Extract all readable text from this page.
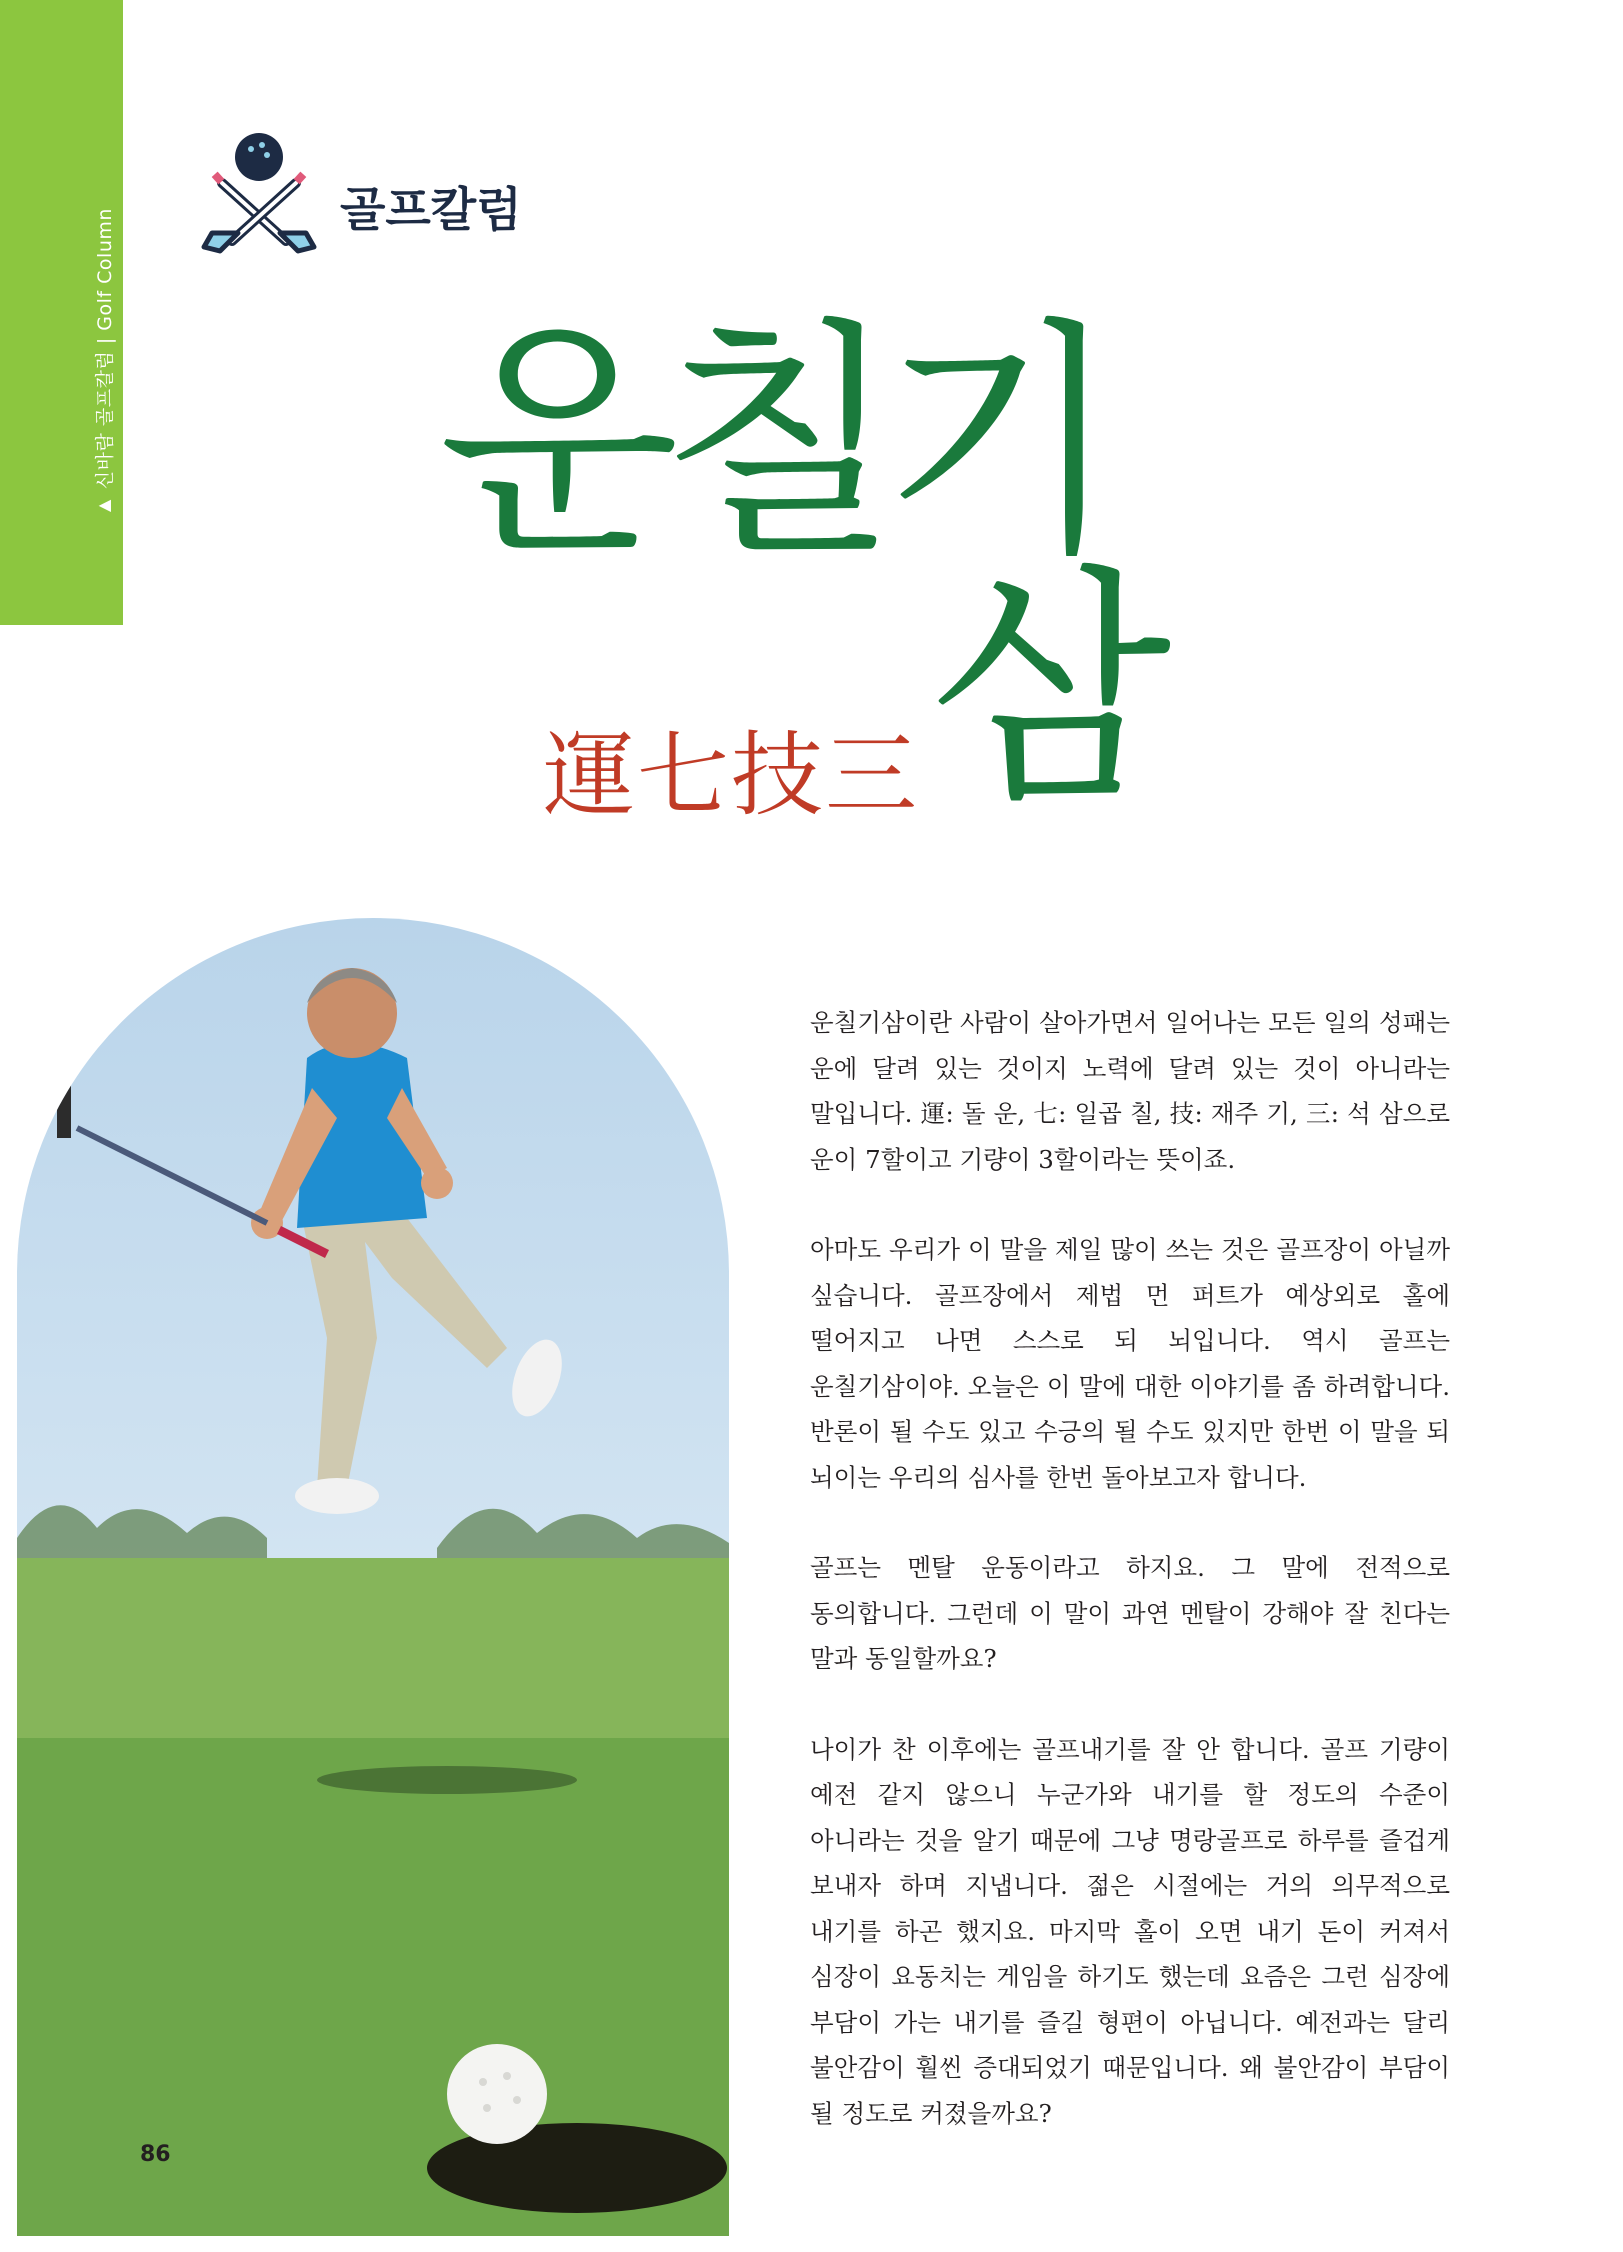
▲
신바람 골프칼럼 | Golf Column	골프칼럼
운칠기
삼
運七技三

운칠기삼이란 사람이 살아가면서 일어나는 모든 일의 성패는 운에 달려 있는 것이지 노력에 달려 있는 것이 아니라는 말입니다. 運: 돌 운, 七: 일곱 칠, 技: 재주 기, 三: 석 삼으로 운이 7할이고 기량이 3할이라는 뜻이죠.

아마도 우리가 이 말을 제일 많이 쓰는 것은 골프장이 아닐까 싶습니다. 골프장에서 제법 먼 퍼트가 예상외로 홀에 떨어지고 나면 스스로 되 뇌입니다. 역시 골프는 운칠기삼이야. 오늘은 이 말에 대한 이야기를 좀 하려합니다. 반론이 될 수도 있고 수긍의 될 수도 있지만 한번 이 말을 되 뇌이는 우리의 심사를 한번 돌아보고자 합니다.

골프는 멘탈 운동이라고 하지요. 그 말에 전적으로 동의합니다. 그런데 이 말이 과연 멘탈이 강해야 잘 친다는 말과 동일할까요?

나이가 찬 이후에는 골프내기를 잘 안 합니다. 골프 기량이 예전 같지 않으니 누군가와 내기를 할 정도의 수준이 아니라는 것을 알기 때문에 그냥 명랑골프로 하루를 즐겁게 보내자 하며 지냅니다. 젊은 시절에는 거의 의무적으로 내기를 하곤 했지요. 마지막 홀이 오면 내기 돈이 커져서 심장이 요동치는 게임을 하기도 했는데 요즘은 그런 심장에 부담이 가는 내기를 즐길 형편이 아닙니다. 예전과는 달리 불안감이 훨씬 증대되었기 때문입니다. 왜 불안감이 부담이 될 정도로 커졌을까요?

86
